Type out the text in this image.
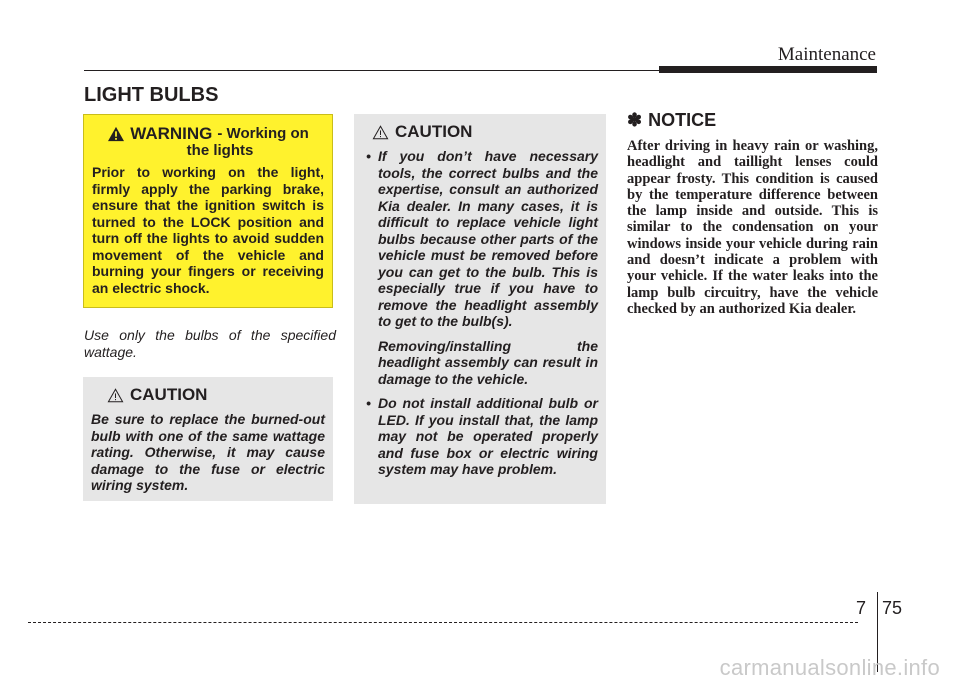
Maintenance
LIGHT BULBS
WARNING - Working on
the lights
Prior to working on the light, firmly apply the parking brake, ensure that the ignition switch is turned to the LOCK position and turn off the lights to avoid sudden movement of the vehicle and burning your fingers or receiving an electric shock.
Use only the bulbs of the specified wattage.
CAUTION
Be sure to replace the burned-out bulb with one of the same wattage rating. Otherwise, it may cause damage to the fuse or electric wiring system.
CAUTION
• If you don’t have necessary tools, the correct bulbs and the expertise, consult an authorized Kia dealer. In many cases, it is difficult to replace vehicle light bulbs because other parts of the vehicle must be removed before you can get to the bulb. This is especially true if you have to remove the headlight assembly to get to the bulb(s).

Removing/installing the headlight assembly can result in damage to the vehicle.

• Do not install additional bulb or LED. If you install that, the lamp may not be operated properly and fuse box or electric wiring system may have problem.

✽ NOTICE
After driving in heavy rain or washing, headlight and taillight lenses could appear frosty. This condition is caused by the temperature difference between the lamp inside and outside. This is similar to the condensation on your windows inside your vehicle during rain and doesn’t indicate a problem with your vehicle. If the water leaks into the lamp bulb circuitry, have the vehicle checked by an authorized Kia dealer.
7 75
carmanualsonline.info
